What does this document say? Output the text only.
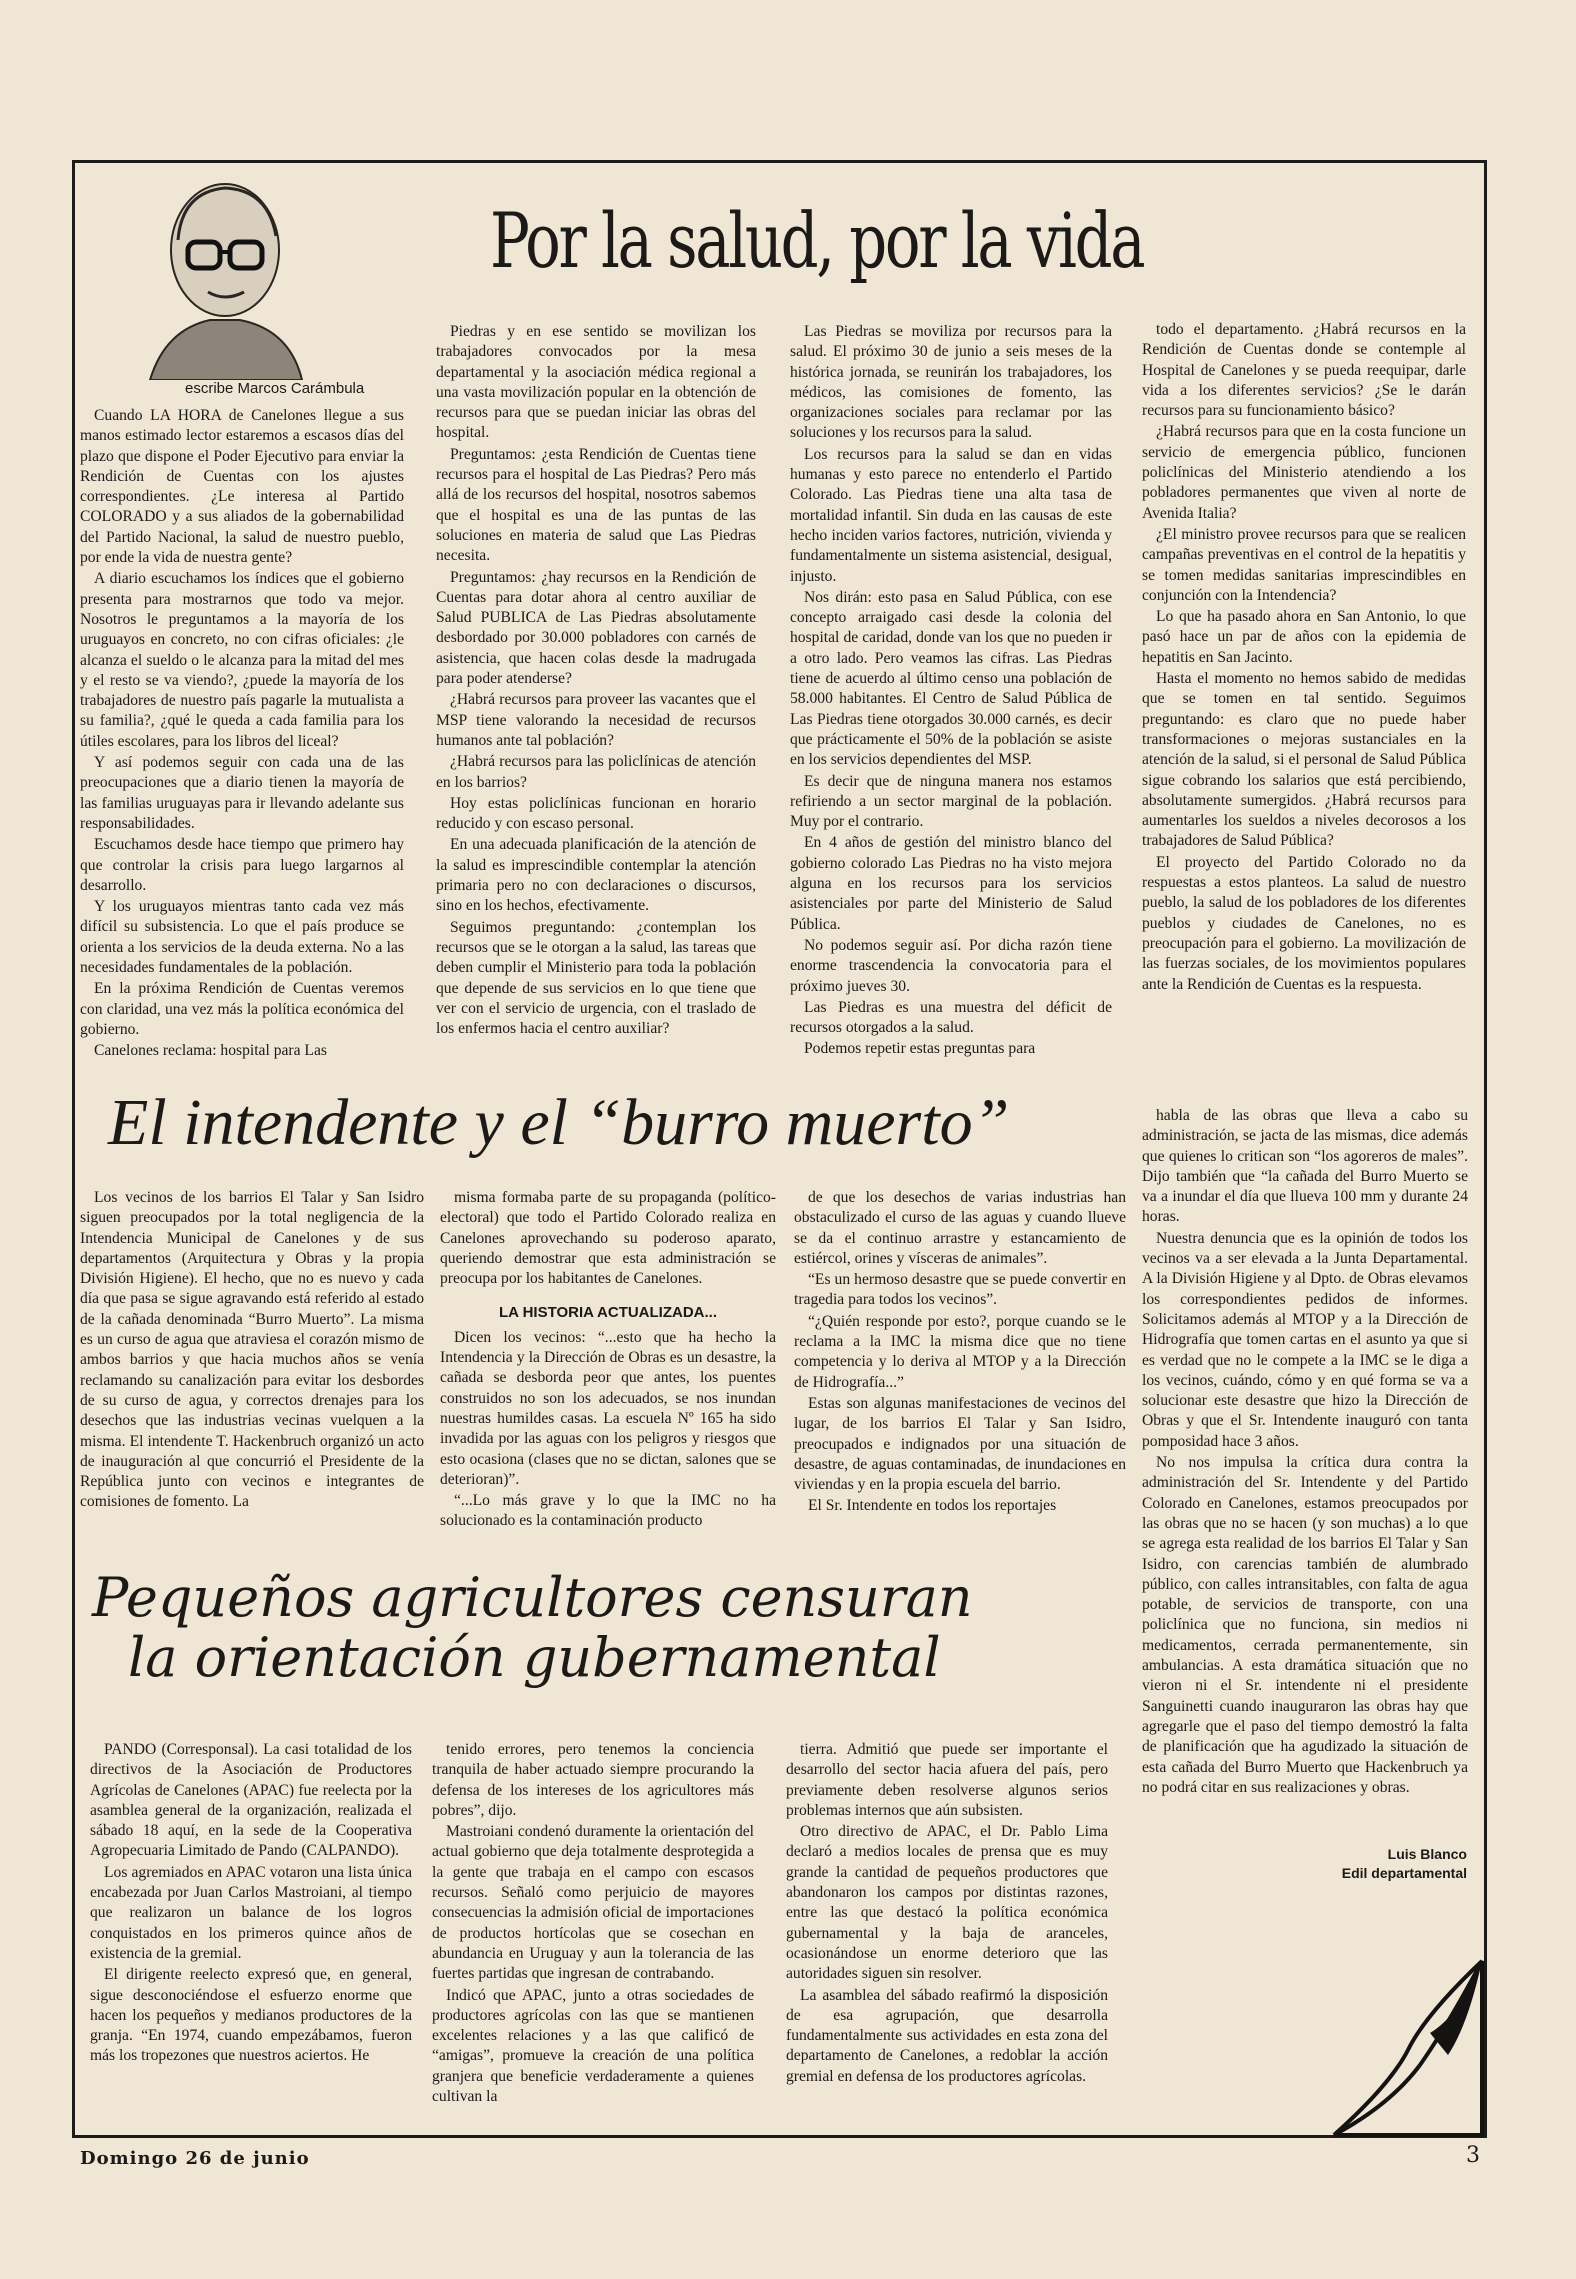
escribe Marcos Carámbula
Por la salud, por la vida

Cuando LA HORA de Canelones llegue a sus manos estimado lector estaremos a escasos días del plazo que dispone el Poder Ejecutivo para enviar la Rendición de Cuentas con los ajustes correspondientes. ¿Le interesa al Partido COLORADO y a sus aliados de la gobernabilidad del Partido Nacional, la salud de nuestro pueblo, por ende la vida de nuestra gente?

A diario escuchamos los índices que el gobierno presenta para mostrarnos que todo va mejor. Nosotros le preguntamos a la mayoría de los uruguayos en concreto, no con cifras oficiales: ¿le alcanza el sueldo o le alcanza para la mitad del mes y el resto se va viendo?, ¿puede la mayoría de los trabajadores de nuestro país pagarle la mutualista a su familia?, ¿qué le queda a cada familia para los útiles escolares, para los libros del liceal?

Y así podemos seguir con cada una de las preocupaciones que a diario tienen la mayoría de las familias uruguayas para ir llevando adelante sus responsabilidades.

Escuchamos desde hace tiempo que primero hay que controlar la crisis para luego largarnos al desarrollo.

Y los uruguayos mientras tanto cada vez más difícil su subsistencia. Lo que el país produce se orienta a los servicios de la deuda externa. No a las necesidades fundamentales de la población.

En la próxima Rendición de Cuentas veremos con claridad, una vez más la política económica del gobierno.

Canelones reclama: hospital para Las

Piedras y en ese sentido se movilizan los trabajadores convocados por la mesa departamental y la asociación médica regional a una vasta movilización popular en la obtención de recursos para que se puedan iniciar las obras del hospital.

Preguntamos: ¿esta Rendición de Cuentas tiene recursos para el hospital de Las Piedras? Pero más allá de los recursos del hospital, nosotros sabemos que el hospital es una de las puntas de las soluciones en materia de salud que Las Piedras necesita.

Preguntamos: ¿hay recursos en la Rendición de Cuentas para dotar ahora al centro auxiliar de Salud PUBLICA de Las Piedras absolutamente desbordado por 30.000 pobladores con carnés de asistencia, que hacen colas desde la madrugada para poder atenderse?

¿Habrá recursos para proveer las vacantes que el MSP tiene valorando la necesidad de recursos humanos ante tal población?

¿Habrá recursos para las policlínicas de atención en los barrios?

Hoy estas policlínicas funcionan en horario reducido y con escaso personal.

En una adecuada planificación de la atención de la salud es imprescindible contemplar la atención primaria pero no con declaraciones o discursos, sino en los hechos, efectivamente.

Seguimos preguntando: ¿contemplan los recursos que se le otorgan a la salud, las tareas que deben cumplir el Ministerio para toda la población que depende de sus servicios en lo que tiene que ver con el servicio de urgencia, con el traslado de los enfermos hacia el centro auxiliar?

Las Piedras se moviliza por recursos para la salud. El próximo 30 de junio a seis meses de la histórica jornada, se reunirán los trabajadores, los médicos, las comisiones de fomento, las organizaciones sociales para reclamar por las soluciones y los recursos para la salud.

Los recursos para la salud se dan en vidas humanas y esto parece no entenderlo el Partido Colorado. Las Piedras tiene una alta tasa de mortalidad infantil. Sin duda en las causas de este hecho inciden varios factores, nutrición, vivienda y fundamentalmente un sistema asistencial, desigual, injusto.

Nos dirán: esto pasa en Salud Pública, con ese concepto arraigado casi desde la colonia del hospital de caridad, donde van los que no pueden ir a otro lado. Pero veamos las cifras. Las Piedras tiene de acuerdo al último censo una población de 58.000 habitantes. El Centro de Salud Pública de Las Piedras tiene otorgados 30.000 carnés, es decir que prácticamente el 50% de la población se asiste en los servicios dependientes del MSP.

Es decir que de ninguna manera nos estamos refiriendo a un sector marginal de la población. Muy por el contrario.

En 4 años de gestión del ministro blanco del gobierno colorado Las Piedras no ha visto mejora alguna en los recursos para los servicios asistenciales por parte del Ministerio de Salud Pública.

No podemos seguir así. Por dicha razón tiene enorme trascendencia la convocatoria para el próximo jueves 30.

Las Piedras es una muestra del déficit de recursos otorgados a la salud.

Podemos repetir estas preguntas para

todo el departamento. ¿Habrá recursos en la Rendición de Cuentas donde se contemple al Hospital de Canelones y se pueda reequipar, darle vida a los diferentes servicios? ¿Se le darán recursos para su funcionamiento básico?

¿Habrá recursos para que en la costa funcione un servicio de emergencia público, funcionen policlínicas del Ministerio atendiendo a los pobladores permanentes que viven al norte de Avenida Italia?

¿El ministro provee recursos para que se realicen campañas preventivas en el control de la hepatitis y se tomen medidas sanitarias imprescindibles en conjunción con la Intendencia?

Lo que ha pasado ahora en San Antonio, lo que pasó hace un par de años con la epidemia de hepatitis en San Jacinto.

Hasta el momento no hemos sabido de medidas que se tomen en tal sentido. Seguimos preguntando: es claro que no puede haber transformaciones o mejoras sustanciales en la atención de la salud, si el personal de Salud Pública sigue cobrando los salarios que está percibiendo, absolutamente sumergidos. ¿Habrá recursos para aumentarles los sueldos a niveles decorosos a los trabajadores de Salud Pública?

El proyecto del Partido Colorado no da respuestas a estos planteos. La salud de nuestro pueblo, la salud de los pobladores de los diferentes pueblos y ciudades de Canelones, no es preocupación para el gobierno. La movilización de las fuerzas sociales, de los movimientos populares ante la Rendición de Cuentas es la respuesta.

El intendente y el “burro muerto”

Los vecinos de los barrios El Talar y San Isidro siguen preocupados por la total negligencia de la Intendencia Municipal de Canelones y de sus departamentos (Arquitectura y Obras y la propia División Higiene). El hecho, que no es nuevo y cada día que pasa se sigue agravando está referido al estado de la cañada denominada “Burro Muerto”. La misma es un curso de agua que atraviesa el corazón mismo de ambos barrios y que hacia muchos años se venía reclamando su canalización para evitar los desbordes de su curso de agua, y correctos drenajes para los desechos que las industrias vecinas vuelquen a la misma. El intendente T. Hackenbruch organizó un acto de inauguración al que concurrió el Presidente de la República junto con vecinos e integrantes de comisiones de fomento. La

misma formaba parte de su propaganda (político-electoral) que todo el Partido Colorado realiza en Canelones aprovechando su poderoso aparato, queriendo demostrar que esta administración se preocupa por los habitantes de Canelones.

LA HISTORIA ACTUALIZADA...

Dicen los vecinos: “...esto que ha hecho la Intendencia y la Dirección de Obras es un desastre, la cañada se desborda peor que antes, los puentes construidos no son los adecuados, se nos inundan nuestras humildes casas. La escuela Nº 165 ha sido invadida por las aguas con los peligros y riesgos que esto ocasiona (clases que no se dictan, salones que se deterioran)”.

“...Lo más grave y lo que la IMC no ha solucionado es la contaminación producto

de que los desechos de varias industrias han obstaculizado el curso de las aguas y cuando llueve se da el continuo arrastre y estancamiento de estiércol, orines y vísceras de animales”.

“Es un hermoso desastre que se puede convertir en tragedia para todos los vecinos”.

“¿Quién responde por esto?, porque cuando se le reclama a la IMC la misma dice que no tiene competencia y lo deriva al MTOP y a la Dirección de Hidrografía...”

Estas son algunas manifestaciones de vecinos del lugar, de los barrios El Talar y San Isidro, preocupados e indignados por una situación de desastre, de aguas contaminadas, de inundaciones en viviendas y en la propia escuela del barrio.

El Sr. Intendente en todos los reportajes

habla de las obras que lleva a cabo su administración, se jacta de las mismas, dice además que quienes lo critican son “los agoreros de males”. Dijo también que “la cañada del Burro Muerto se va a inundar el día que llueva 100 mm y durante 24 horas.

Nuestra denuncia que es la opinión de todos los vecinos va a ser elevada a la Junta Departamental. A la División Higiene y al Dpto. de Obras elevamos los correspondientes pedidos de informes. Solicitamos además al MTOP y a la Dirección de Hidrografía que tomen cartas en el asunto ya que si es verdad que no le compete a la IMC se le diga a los vecinos, cuándo, cómo y en qué forma se va a solucionar este desastre que hizo la Dirección de Obras y que el Sr. Intendente inauguró con tanta pomposidad hace 3 años.

No nos impulsa la crítica dura contra la administración del Sr. Intendente y del Partido Colorado en Canelones, estamos preocupados por las obras que no se hacen (y son muchas) a lo que se agrega esta realidad de los barrios El Talar y San Isidro, con carencias también de alumbrado público, con calles intransitables, con falta de agua potable, de servicios de transporte, con una policlínica que no funciona, sin medios ni medicamentos, cerrada permanentemente, sin ambulancias. A esta dramática situación que no vieron ni el Sr. intendente ni el presidente Sanguinetti cuando inauguraron las obras hay que agregarle que el paso del tiempo demostró la falta de planificación que ha agudizado la situación de esta cañada del Burro Muerto que Hackenbruch ya no podrá citar en sus realizaciones y obras.

Luis Blanco
Edil departamental
Pequeños agricultores censuran
la orientación gubernamental

PANDO (Corresponsal). La casi totalidad de los directivos de la Asociación de Productores Agrícolas de Canelones (APAC) fue reelecta por la asamblea general de la organización, realizada el sábado 18 aquí, en la sede de la Cooperativa Agropecuaria Limitado de Pando (CALPANDO).

Los agremiados en APAC votaron una lista única encabezada por Juan Carlos Mastroiani, al tiempo que realizaron un balance de los logros conquistados en los primeros quince años de existencia de la gremial.

El dirigente reelecto expresó que, en general, sigue desconociéndose el esfuerzo enorme que hacen los pequeños y medianos productores de la granja. “En 1974, cuando empezábamos, fueron más los tropezones que nuestros aciertos. He

tenido errores, pero tenemos la conciencia tranquila de haber actuado siempre procurando la defensa de los intereses de los agricultores más pobres”, dijo.

Mastroiani condenó duramente la orientación del actual gobierno que deja totalmente desprotegida a la gente que trabaja en el campo con escasos recursos. Señaló como perjuicio de mayores consecuencias la admisión oficial de importaciones de productos hortícolas que se cosechan en abundancia en Uruguay y aun la tolerancia de las fuertes partidas que ingresan de contrabando.

Indicó que APAC, junto a otras sociedades de productores agrícolas con las que se mantienen excelentes relaciones y a las que calificó de “amigas”, promueve la creación de una política granjera que beneficie verdaderamente a quienes cultivan la

tierra. Admitió que puede ser importante el desarrollo del sector hacia afuera del país, pero previamente deben resolverse algunos serios problemas internos que aún subsisten.

Otro directivo de APAC, el Dr. Pablo Lima declaró a medios locales de prensa que es muy grande la cantidad de pequeños productores que abandonaron los campos por distintas razones, entre las que destacó la política económica gubernamental y la baja de aranceles, ocasionándose un enorme deterioro que las autoridades siguen sin resolver.

La asamblea del sábado reafirmó la disposición de esa agrupación, que desarrolla fundamentalmente sus actividades en esta zona del departamento de Canelones, a redoblar la acción gremial en defensa de los productores agrícolas.

Domingo 26 de junio	3
